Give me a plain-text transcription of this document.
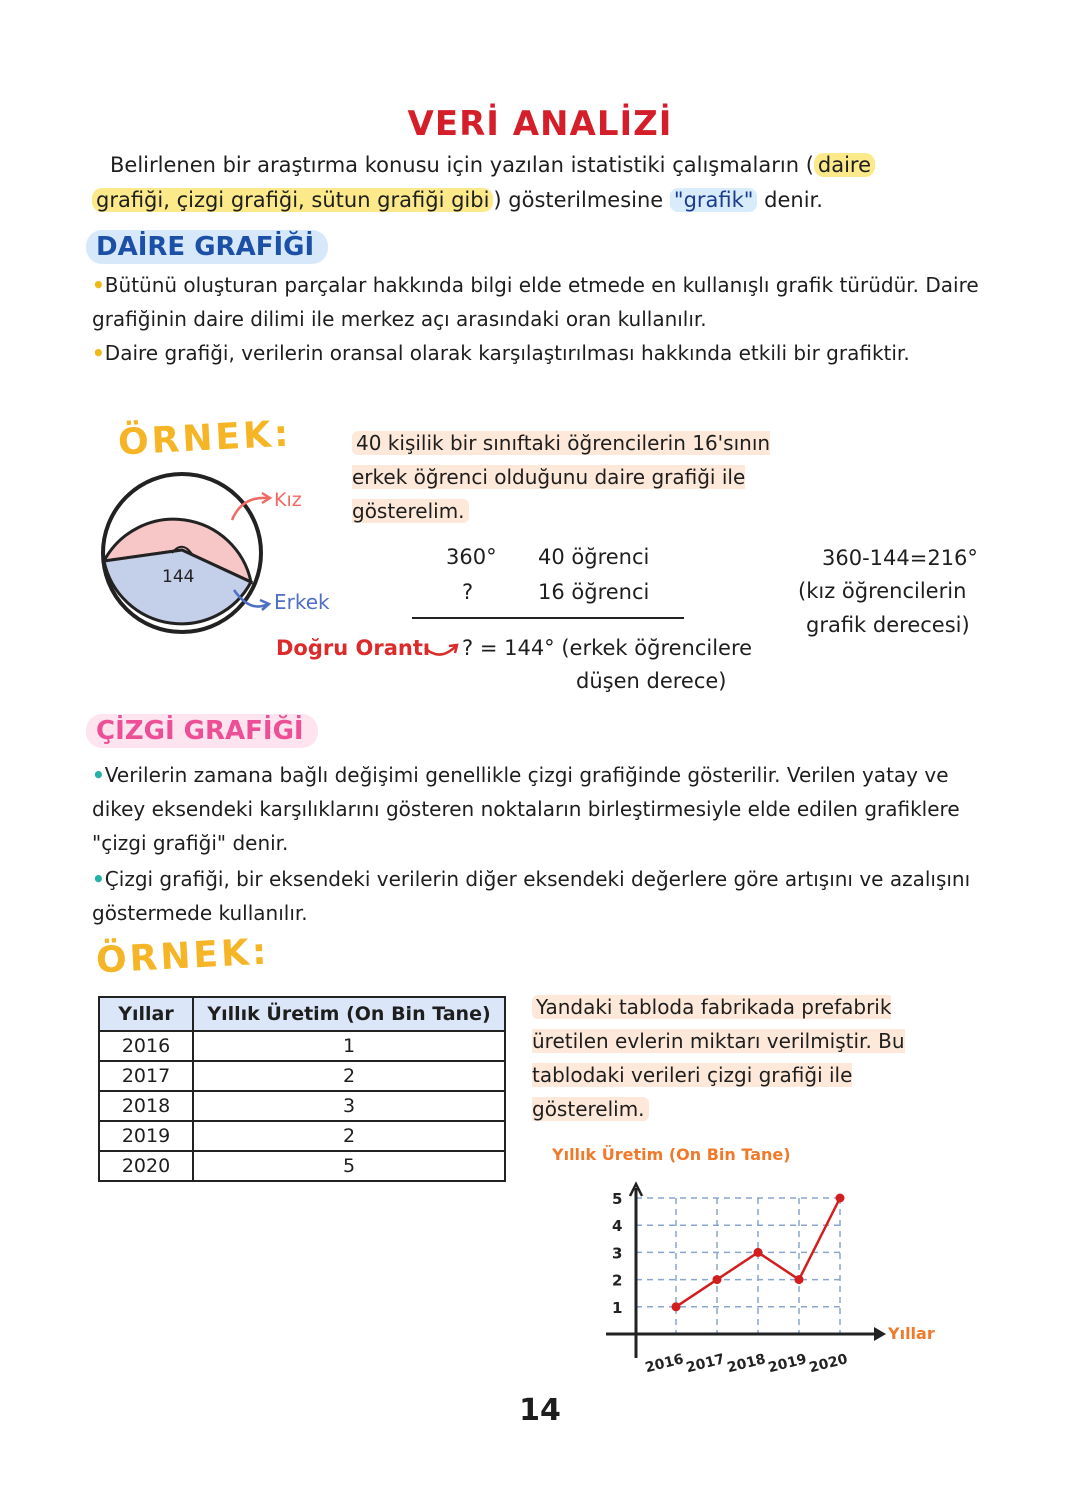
VERİ ANALİZİ
Belirlenen bir araştırma konusu için yazılan istatistiki çalışmaların ( daire
grafiği, çizgi grafiği, sütun grafiği gibi ) gösterilmesine "grafik" denir.
DAİRE GRAFİĞİ
•Bütünü oluşturan parçalar hakkında bilgi elde etmede en kullanışlı grafik türüdür. Daire grafiğinin daire dilimi ile merkez açı arasındaki oran kullanılır.
•Daire grafiği, verilerin oransal olarak karşılaştırılması hakkında etkili bir grafiktir.
ÖRNEK:
144
Kız
Erkek
40 kişilik bir sınıftaki öğrencilerin 16'sının erkek öğrenci olduğunu daire grafiği ile gösterelim.
360° 40 öğrenci
?	16 öğrenci
Doğru Orantı ? = 144° (erkek öğrencilere
düşen derece)
360-144=216°
(kız öğrencilerin
grafik derecesi)
ÇİZGİ GRAFİĞİ
•Verilerin zamana bağlı değişimi genellikle çizgi grafiğinde gösterilir. Verilen yatay ve dikey eksendeki karşılıklarını gösteren noktaların birleştirmesiyle elde edilen grafiklere "çizgi grafiği" denir.
•Çizgi grafiği, bir eksendeki verilerin diğer eksendeki değerlere göre artışını ve azalışını göstermede kullanılır.
ÖRNEK:
Yıllar	Yıllık Üretim (On Bin Tane)
2016	1
2017	2
2018	3
2019	2
2020	5
Yandaki tabloda fabrikada prefabrik üretilen evlerin miktarı verilmiştir. Bu tablodaki verileri çizgi grafiği ile gösterelim.
Yıllık Üretim (On Bin Tane)
Yıllar
1
2
3
4
5
2016 2017 2018 2019 2020
14
